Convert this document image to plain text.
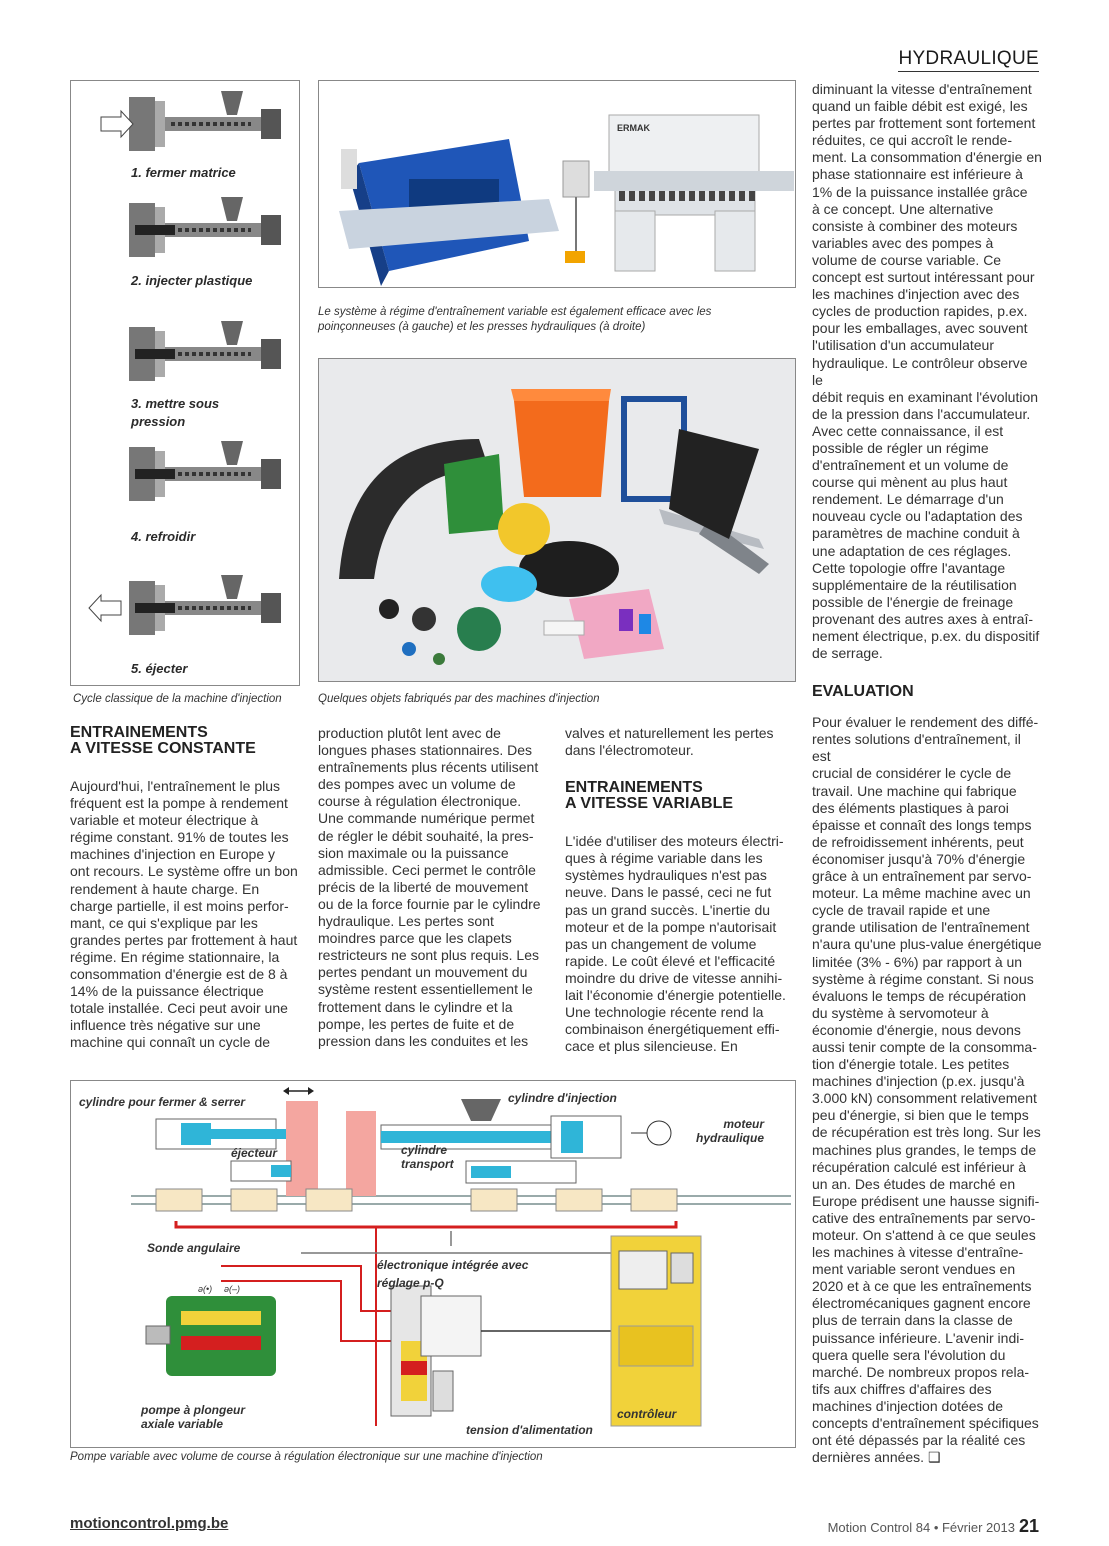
HYDRAULIQUE
1. fermer matrice
2. injecter plastique
3. mettre sous pression
4. refroidir
5. éjecter
Cycle classique de la machine d'injection
ERMAK
Le système à régime d'entraînement variable est également efficace avec les poinçonneuses (à gauche) et les presses hydrauliques (à droite)
Quelques objets fabriqués par des machines d'injection
ENTRAINEMENTS
A VITESSE CONSTANTE

Aujourd'hui, l'entraînement le plus
fréquent est la pompe à rendement
variable et moteur électrique à
régime constant. 91% de toutes les
machines d'injection en Europe y
ont recours. Le système offre un bon
rendement à haute charge. En
charge partielle, il est moins perfor-
mant, ce qui s'explique par les
grandes pertes par frottement à haut
régime. En régime stationnaire, la
consommation d'énergie est de 8 à
14% de la puissance électrique
totale installée. Ceci peut avoir une
influence très négative sur une
machine qui connaît un cycle de

production plutôt lent avec de
longues phases stationnaires. Des
entraînements plus récents utilisent
des pompes avec un volume de
course à régulation électronique.
Une commande numérique permet
de régler le débit souhaité, la pres-
sion maximale ou la puissance
admissible. Ceci permet le contrôle
précis de la liberté de mouvement
ou de la force fournie par le cylindre
hydraulique. Les pertes sont
moindres parce que les clapets
restricteurs ne sont plus requis. Les
pertes pendant un mouvement du
système restent essentiellement le
frottement dans le cylindre et la
pompe, les pertes de fuite et de
pression dans les conduites et les

valves et naturellement les pertes
dans l'électromoteur.

ENTRAINEMENTS
A VITESSE VARIABLE

L'idée d'utiliser des moteurs électri-
ques à régime variable dans les
systèmes hydrauliques n'est pas
neuve. Dans le passé, ceci ne fut
pas un grand succès. L'inertie du
moteur et de la pompe n'autorisait
pas un changement de volume
rapide. Le coût élevé et l'efficacité
moindre du drive de vitesse annihi-
lait l'économie d'énergie potentielle.
Une technologie récente rend la
combinaison énergétiquement effi-
cace et plus silencieuse. En

diminuant la vitesse d'entraînement
quand un faible débit est exigé, les
pertes par frottement sont fortement
réduites, ce qui accroît le rende-
ment. La consommation d'énergie en
phase stationnaire est inférieure à
1% de la puissance installée grâce
à ce concept. Une alternative
consiste à combiner des moteurs
variables avec des pompes à
volume de course variable. Ce
concept est surtout intéressant pour
les machines d'injection avec des
cycles de production rapides, p.ex.
pour les emballages, avec souvent
l'utilisation d'un accumulateur
hydraulique. Le contrôleur observe le
débit requis en examinant l'évolution
de la pression dans l'accumulateur.
Avec cette connaissance, il est
possible de régler un régime
d'entraînement et un volume de
course qui mènent au plus haut
rendement. Le démarrage d'un
nouveau cycle ou l'adaptation des
paramètres de machine conduit à
une adaptation de ces réglages.
Cette topologie offre l'avantage
supplémentaire de la réutilisation
possible de l'énergie de freinage
provenant des autres axes à entraî-
nement électrique, p.ex. du dispositif
de serrage.

EVALUATION

Pour évaluer le rendement des diffé-
rentes solutions d'entraînement, il est
crucial de considérer le cycle de
travail. Une machine qui fabrique
des éléments plastiques à paroi
épaisse et connaît des longs temps
de refroidissement inhérents, peut
économiser jusqu'à 70% d'énergie
grâce à un entraînement par servo-
moteur. La même machine avec un
cycle de travail rapide et une
grande utilisation de l'entraînement
n'aura qu'une plus-value énergétique
limitée (3% - 6%) par rapport à un
système à régime constant. Si nous
évaluons le temps de récupération
du système à servomoteur à
économie d'énergie, nous devons
aussi tenir compte de la consomma-
tion d'énergie totale. Les petites
machines d'injection (p.ex. jusqu'à
3.000 kN) consomment relativement
peu d'énergie, si bien que le temps
de récupération est très long. Sur les
machines plus grandes, le temps de
récupération calculé est inférieur à
un an. Des études de marché en
Europe prédisent une hausse signifi-
cative des entraînements par servo-
moteur. On s'attend à ce que seules
les machines à vitesse d'entraîne-
ment variable seront vendues en
2020 et à ce que les entraînements
électromécaniques gagnent encore
plus de terrain dans la classe de
puissance inférieure. L'avenir indi-
quera quelle sera l'évolution du
marché. De nombreux propos rela-
tifs aux chiffres d'affaires des
machines d'injection dotées de
concepts d'entraînement spécifiques
ont été dépassés par la réalité ces
dernières années. ❑

cylindre pour fermer & serrer	cylindre d'injection
moteur
hydraulique
éjecteur	cylindre
transport
Sonde angulaire
électronique intégrée avec
réglage p-Q
pompe à plongeur
axiale variable
contrôleur
tension d'alimentation
ə(•) ə(–)
Pompe variable avec volume de course à régulation électronique sur une machine d'injection
motioncontrol.pmg.be	Motion Control 84 • Février 2013 21
